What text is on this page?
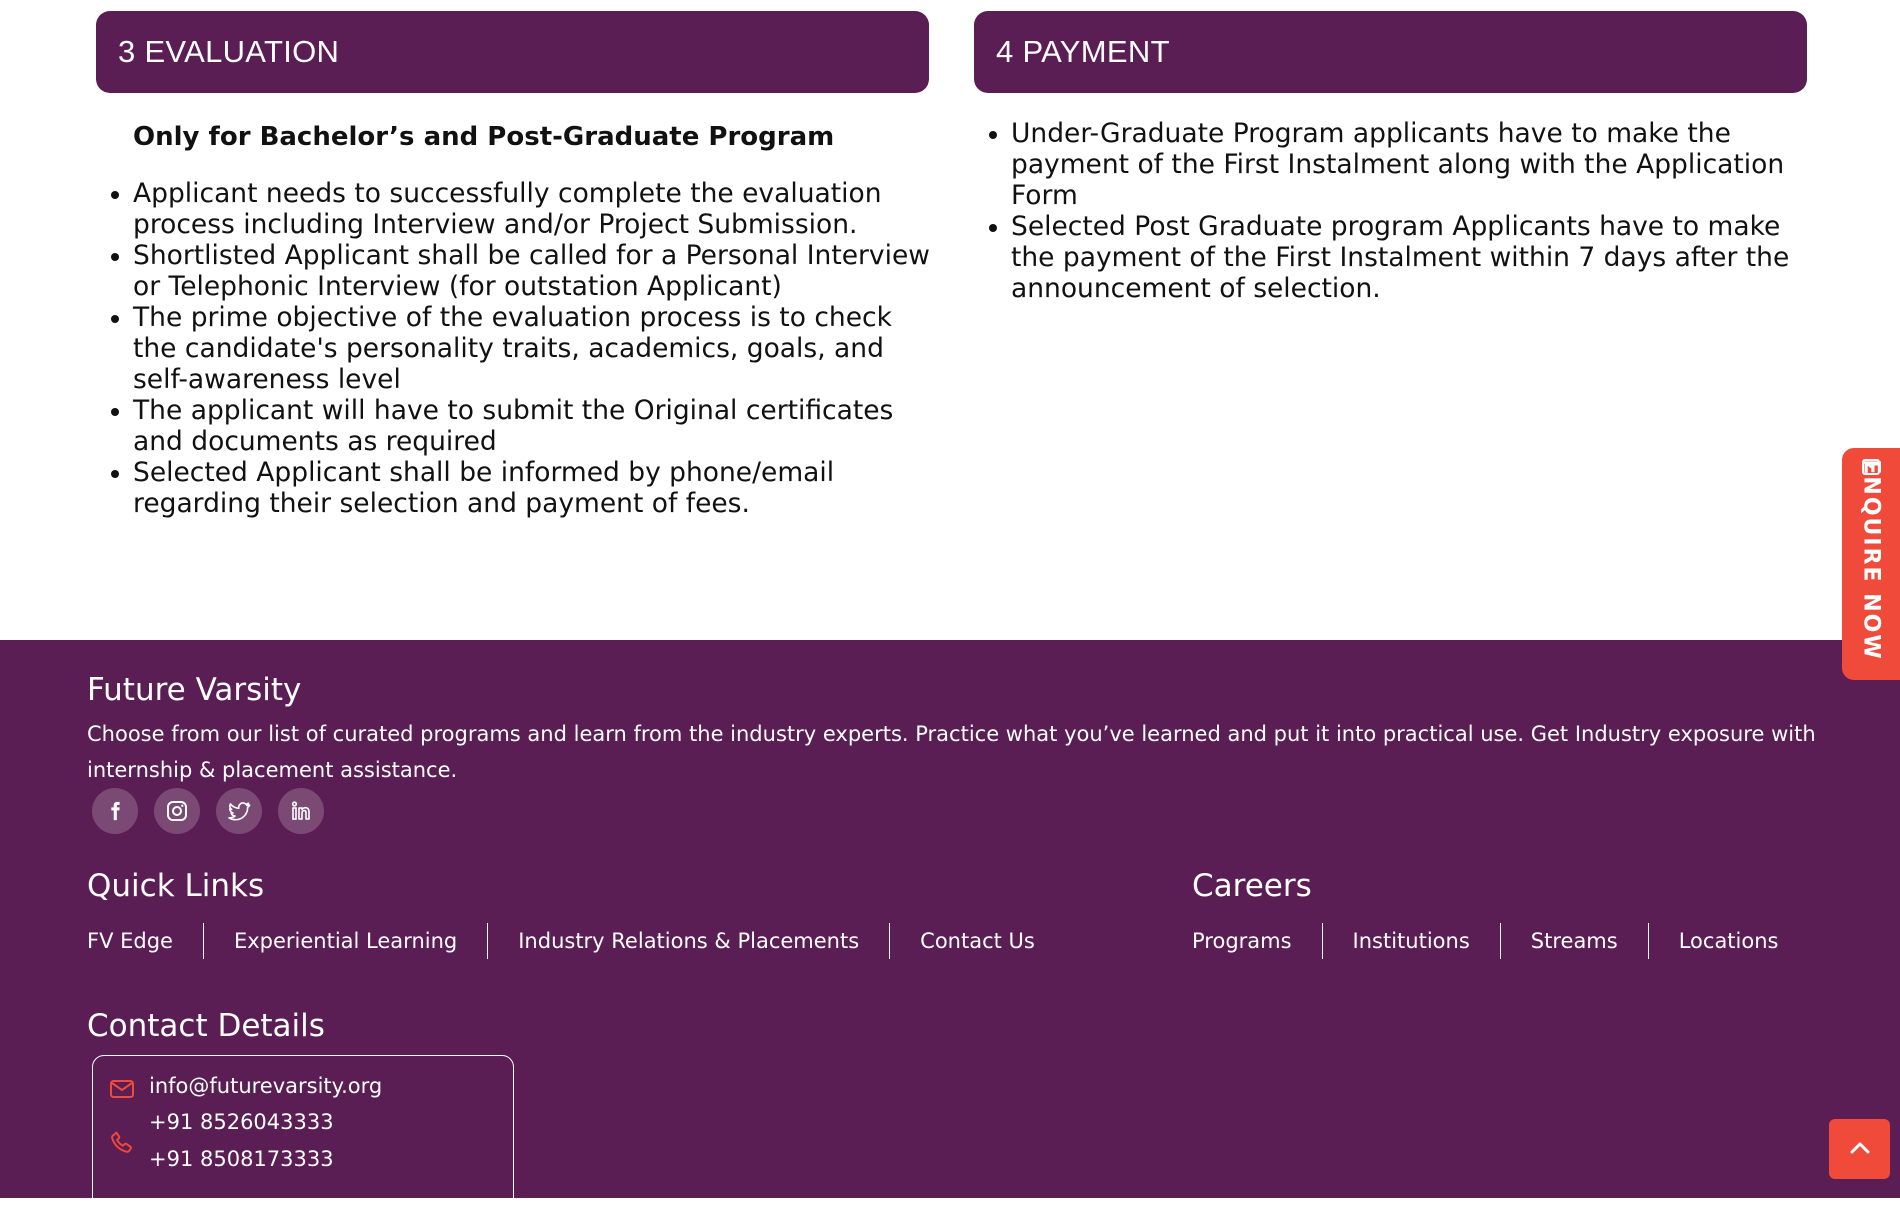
3 EVALUATION	4 PAYMENT
Only for Bachelor’s and Post-Graduate Program
Applicant needs to successfully complete the evaluation process including Interview and/or Project Submission.
Shortlisted Applicant shall be called for a Personal Interview or Telephonic Interview (for outstation Applicant)
The prime objective of the evaluation process is to check the candidate's personality traits, academics, goals, and self-awareness level
The applicant will have to submit the Original certificates and documents as required
Selected Applicant shall be informed by phone/email regarding their selection and payment of fees.
Under-Graduate Program applicants have to make the payment of the First Instalment along with the Application Form
Selected Post Graduate program Applicants have to make the payment of the First Instalment within 7 days after the announcement of selection.
Future Varsity
Choose from our list of curated programs and learn from the industry experts. Practice what you’ve learned and put it into practical use. Get Industry exposure with internship & placement assistance.
Quick Links
FV Edge	Experiential Learning	Industry Relations & Placements	Contact Us
Careers
Programs	Institutions	Streams	Locations
Contact Details
info@futurevarsity.org
+91 8526043333
+91 8508173333
ENQUIRE NOW
